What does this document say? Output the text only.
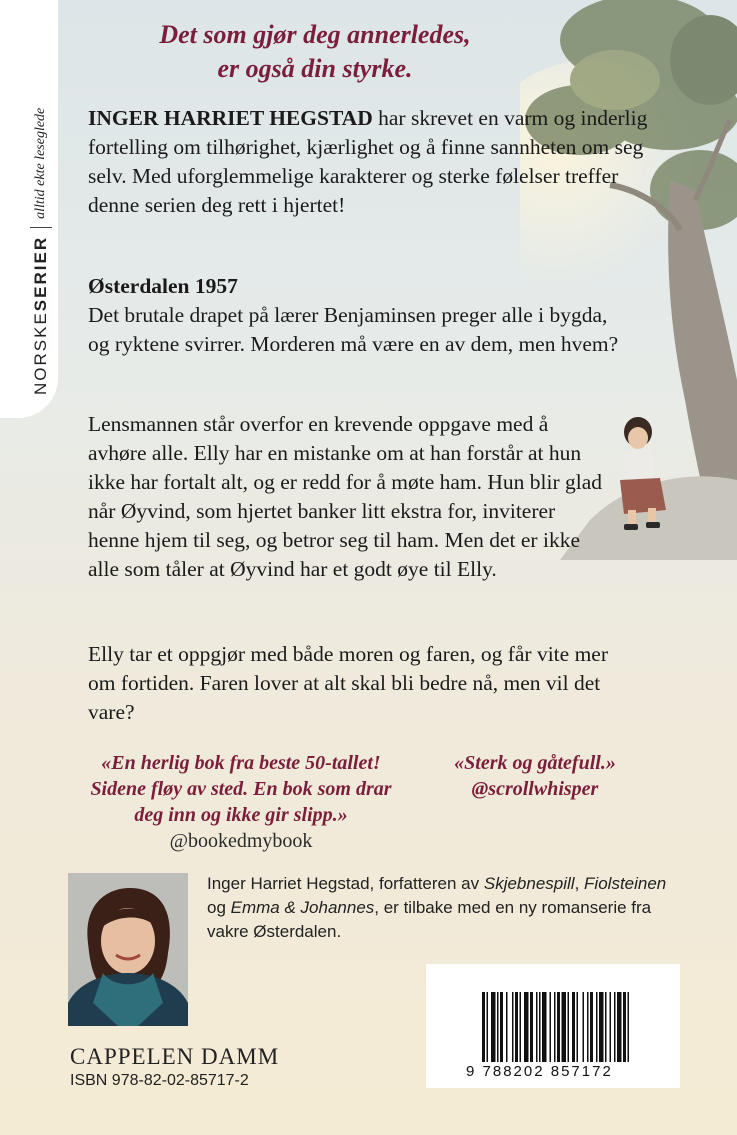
NORSKE
SERIER
alltid ekte leseglede
Det som gjør deg annerledes,
er også din styrke.

INGER HARRIET HEGSTAD har skrevet en varm og inderlig fortelling om tilhørighet, kjærlighet og å finne sannheten om seg selv. Med uforglemmelige karakterer og sterke følelser treffer denne serien deg rett i hjertet!

Østerdalen 1957

Det brutale drapet på lærer Benjaminsen preger alle i bygda, og ryktene svirrer. Morderen må være en av dem, men hvem?

Lensmannen står overfor en krevende oppgave med å avhøre alle. Elly har en mistanke om at han forstår at hun ikke har fortalt alt, og er redd for å møte ham. Hun blir glad når Øyvind, som hjertet banker litt ekstra for, inviterer henne hjem til seg, og betror seg til ham. Men det er ikke alle som tåler at Øyvind har et godt øye til Elly.

Elly tar et oppgjør med både moren og faren, og får vite mer om fortiden. Faren lover at alt skal bli bedre nå, men vil det vare?

«En herlig bok fra beste 50-tallet! Sidene fløy av sted. En bok som drar deg inn og ikke gir slipp.»
@bookedmybook
«Sterk og gåtefull.»
@scrollwhisper
Inger Harriet Hegstad, forfatteren av Skjebnespill, Fiolsteinen og Emma & Johannes, er tilbake med en ny romanserie fra vakre Østerdalen.
9 788202 857172
CAPPELEN DAMM
ISBN 978-82-02-85717-2
